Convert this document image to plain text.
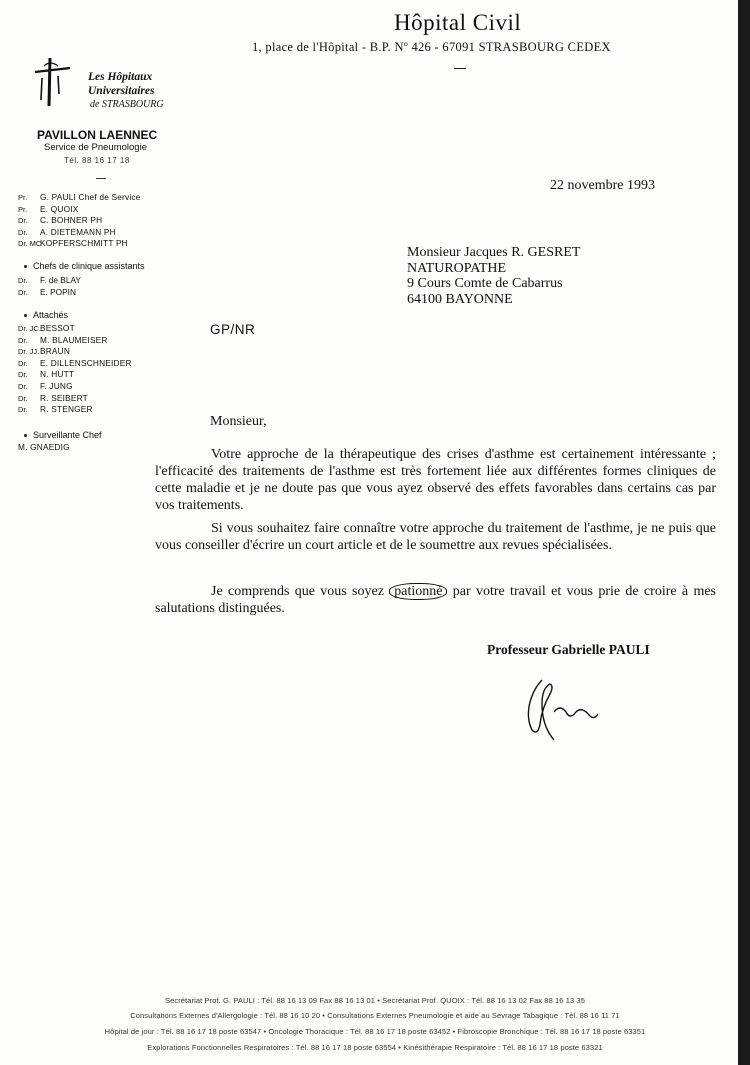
Hôpital Civil
1, place de l'Hôpital - B.P. Nº 426 - 67091 STRASBOURG CEDEX
Les Hôpitaux
Universitaires
de STRASBOURG
PAVILLON LAENNEC
Service de Pneumologie
Tél. 88 16 17 18
Pr. G. PAULI Chef de Service
Pr. E. QUOIX
Dr. C. BOHNER PH
Dr. A. DIETEMANN PH
Dr. MCKOPFERSCHMITT PH
Chefs de clinique assistants
Dr. F. de BLAY
Dr. E. POPIN
Attachés
Dr. JC.BESSOT
Dr. M. BLAUMEISER
Dr. JJ.BRAUN
Dr. E. DILLENSCHNEIDER
Dr. N. HUTT
Dr. F. JUNG
Dr. R. SEIBERT
Dr. R. STENGER
Surveillante Chef
M. GNAEDIG
22 novembre 1993
Monsieur Jacques R. GESRET
NATUROPATHE
9 Cours Comte de Cabarrus
64100 BAYONNE
GP/NR
Monsieur,
Votre approche de la thérapeutique des crises d'asthme est certainement intéressante ; l'efficacité des traitements de l'asthme est très fortement liée aux différentes formes cliniques de cette maladie et je ne doute pas que vous ayez observé des effets favorables dans certains cas par vos traitements.
Si vous souhaitez faire connaître votre approche du traitement de l'asthme, je ne puis que vous conseiller d'écrire un court article et de le soumettre aux revues spécialisées.
Je comprends que vous soyez pationné par votre travail et vous prie de croire à mes salutations distinguées.
Professeur Gabrielle PAULI
Secrétariat Prof. G. PAULI : Tél. 88 16 13 09 Fax 88 16 13 01 • Secrétariat Prof. QUOIX : Tél. 88 16 13 02 Fax 88 16 13 35
Consultations Externes d'Allergologie : Tél. 88 16 10 20 • Consultations Externes Pneumologie et aide au Sevrage Tabagique : Tél. 88 16 11 71
Hôpital de jour : Tél. 88 16 17 18 poste 63547 • Oncologie Thoracique : Tél. 88 16 17 18 poste 63452 • Fibroscopie Bronchique : Tél. 88 16 17 18 poste 63351
Explorations Fonctionnelles Respiratoires : Tél. 88 16 17 18 poste 63554 • Kinésithérapie Respiratoire : Tél. 88 16 17 18 poste 63321
